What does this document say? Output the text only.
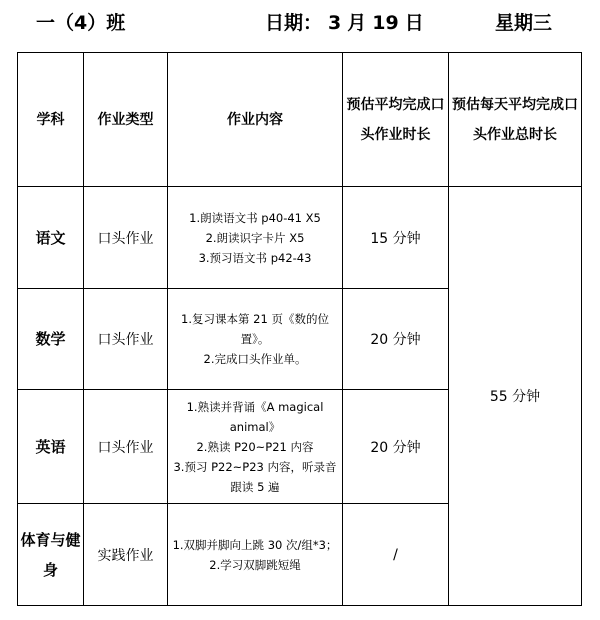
一（4）班	日期： 3 月 19 日	星期三
学科	作业类型	作业内容	预估平均完成口头作业时长	预估每天平均完成口头作业总时长
语文	口头作业	1.朗读语文书 p40-41 X5
2.朗读识字卡片 X5
3.预习语文书 p42-43	15 分钟	55 分钟
数学	口头作业	1.复习课本第 21 页《数的位置》。
2.完成口头作业单。	20 分钟	
英语	口头作业	1.熟读并背诵《A magical animal》
2.熟读 P20~P21 内容
3.预习 P22~P23 内容，听录音跟读 5 遍	20 分钟	
体育与健身	实践作业	1.双脚并脚向上跳 30 次/组*3；
2.学习双脚跳短绳	/	
